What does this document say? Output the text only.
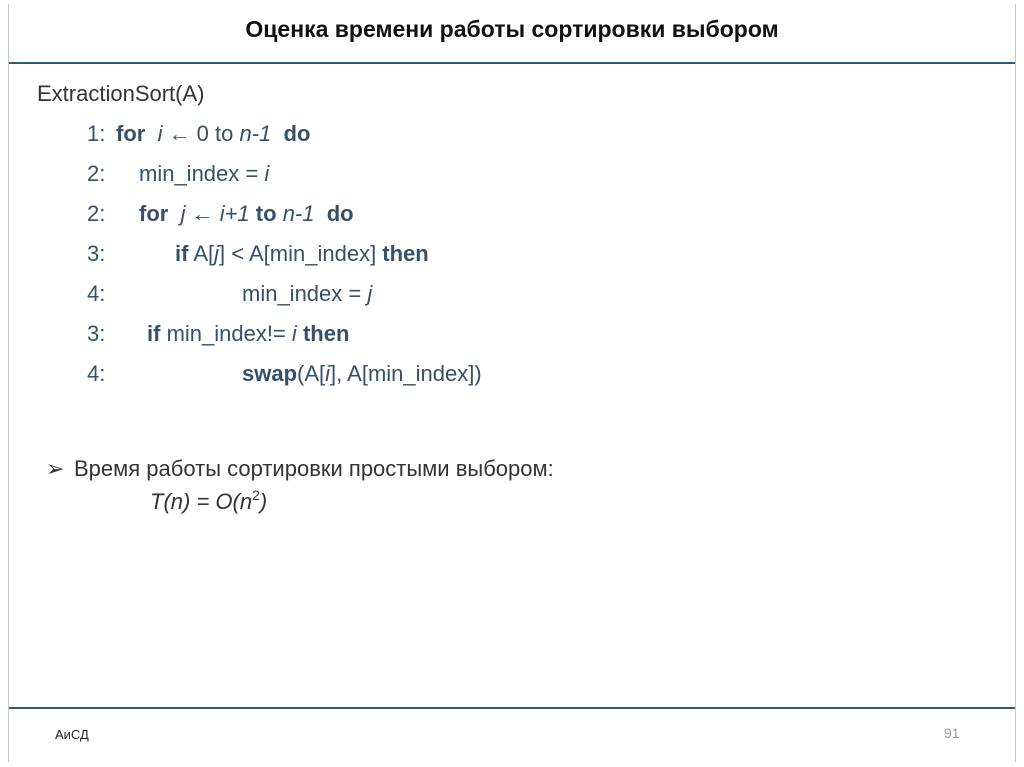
Оценка времени работы сортировки выбором
ExtractionSort(A)
1: for i ← 0 to n-1 do
2: min_index = i
2: for j ← i+1 to n-1 do
3:	if A[j] < A[min_index] then
4:	min_index = j
3: if min_index!= i then
4:	swap(A[i], A[min_index])
➢ Время работы сортировки простыми выбором:
$T(n) = O(n^2)$
АиСД	91
